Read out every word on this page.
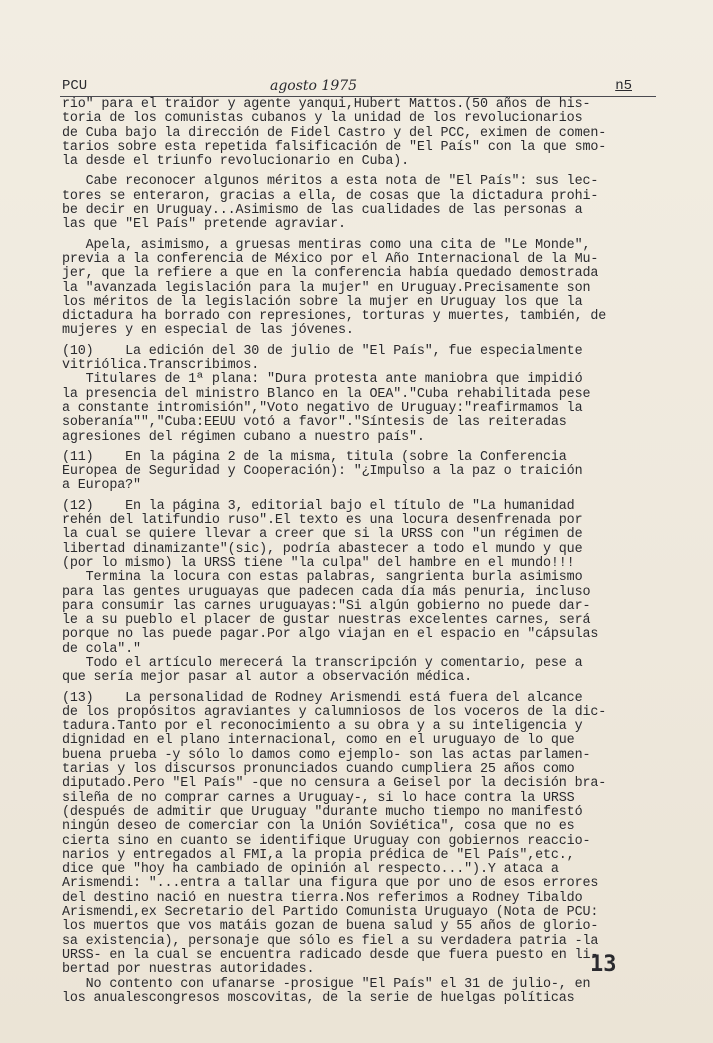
PCU	agosto 1975	n5

rio" para el traidor y agente yanqui,Hubert Mattos.(50 años de his-
toria de los comunistas cubanos y la unidad de los revolucionarios
de Cuba bajo la dirección de Fidel Castro y del PCC, eximen de comen-
tarios sobre esta repetida falsificación de "El País" con la que smo-
la desde el triunfo revolucionario en Cuba).

Cabe reconocer algunos méritos a esta nota de "El País": sus lec-
tores se enteraron, gracias a ella, de cosas que la dictadura prohi-
be decir en Uruguay...Asimismo de las cualidades de las personas a
las que "El País" pretende agraviar.

Apela, asimismo, a gruesas mentiras como una cita de "Le Monde",
previa a la conferencia de México por el Año Internacional de la Mu-
jer, que la refiere a que en la conferencia había quedado demostrada
la "avanzada legislación para la mujer" en Uruguay.Precisamente son
los méritos de la legislación sobre la mujer en Uruguay los que la
dictadura ha borrado con represiones, torturas y muertes, también, de
mujeres y en especial de las jóvenes.

(10)    La edición del 30 de julio de "El País", fue especialmente
vitriólica.Transcribimos.
Titulares de 1ª plana: "Dura protesta ante maniobra que impidió
la presencia del ministro Blanco en la OEA"."Cuba rehabilitada pese
a constante intromisión","Voto negativo de Uruguay:"reafirmamos la
soberanía"","Cuba:EEUU votó a favor"."Síntesis de las reiteradas
agresiones del régimen cubano a nuestro país".

(11)    En la página 2 de la misma, titula (sobre la Conferencia
Europea de Seguridad y Cooperación): "¿Impulso a la paz o traición
a Europa?"

(12)    En la página 3, editorial bajo el título de "La humanidad
rehén del latifundio ruso".El texto es una locura desenfrenada por
la cual se quiere llevar a creer que si la URSS con "un régimen de
libertad dinamizante"(sic), podría abastecer a todo el mundo y que
(por lo mismo) la URSS tiene "la culpa" del hambre en el mundo!!!
Termina la locura con estas palabras, sangrienta burla asimismo
para las gentes uruguayas que padecen cada día más penuria, incluso
para consumir las carnes uruguayas:"Si algún gobierno no puede dar-
le a su pueblo el placer de gustar nuestras excelentes carnes, será
porque no las puede pagar.Por algo viajan en el espacio en "cápsulas
de cola"."
Todo el artículo merecerá la transcripción y comentario, pese a
que sería mejor pasar al autor a observación médica.

(13)    La personalidad de Rodney Arismendi está fuera del alcance
de los propósitos agraviantes y calumniosos de los voceros de la dic-
tadura.Tanto por el reconocimiento a su obra y a su inteligencia y
dignidad en el plano internacional, como en el uruguayo de lo que
buena prueba -y sólo lo damos como ejemplo- son las actas parlamen-
tarias y los discursos pronunciados cuando cumpliera 25 años como
diputado.Pero "El País" -que no censura a Geisel por la decisión bra-
sileña de no comprar carnes a Uruguay-, si lo hace contra la URSS
(después de admitir que Uruguay "durante mucho tiempo no manifestó
ningún deseo de comerciar con la Unión Soviética", cosa que no es
cierta sino en cuanto se identifique Uruguay con gobiernos reaccio-
narios y entregados al FMI,a la propia prédica de "El País",etc.,
dice que "hoy ha cambiado de opinión al respecto...").Y ataca a
Arismendi: "...entra a tallar una figura que por uno de esos errores
del destino nació en nuestra tierra.Nos referimos a Rodney Tibaldo
Arismendi,ex Secretario del Partido Comunista Uruguayo (Nota de PCU:
los muertos que vos matáis gozan de buena salud y 55 años de glorio-
sa existencia), personaje que sólo es fiel a su verdadera patria -la
URSS- en la cual se encuentra radicado desde que fuera puesto en li-
bertad por nuestras autoridades.
No contento con ufanarse -prosigue "El País" el 31 de julio-, en
los anualescongresos moscovitas, de la serie de huelgas políticas

13
